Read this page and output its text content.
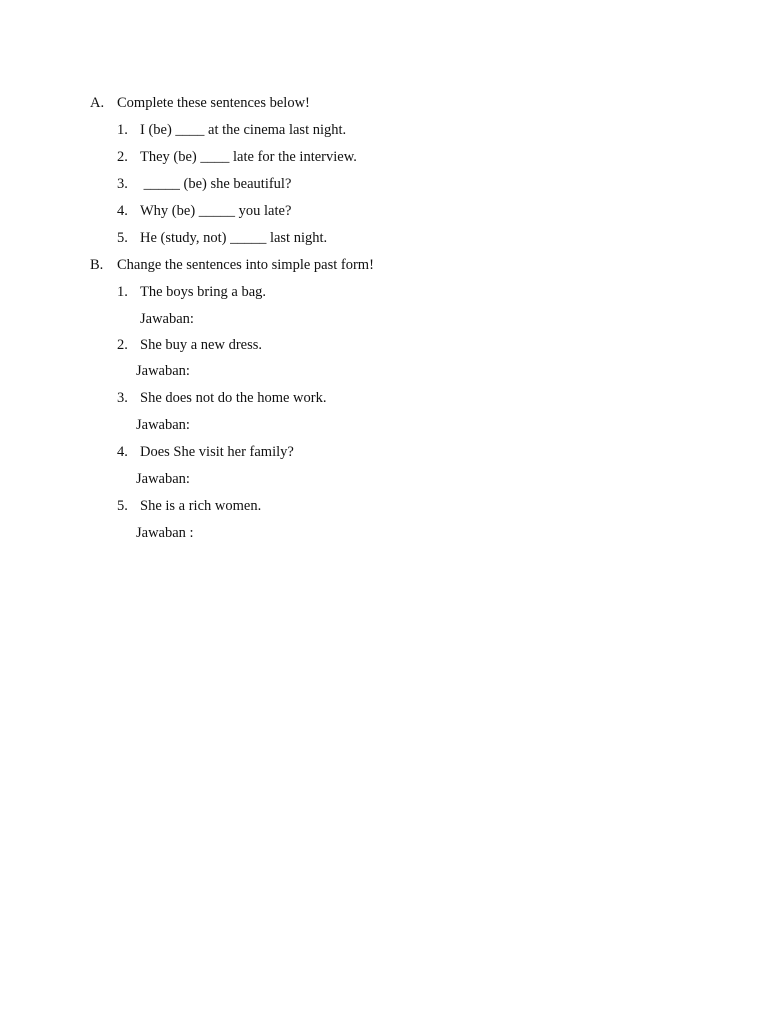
A. Complete these sentences below!
1. I (be) ____ at the cinema last night.
2. They (be) ____ late for the interview.
3. _____ (be) she beautiful?
4. Why (be) _____ you late?
5. He (study, not) _____ last night.
B. Change the sentences into simple past form!
1. The boys bring a bag.
Jawaban:
2. She buy a new dress.
Jawaban:
3. She does not do the home work.
Jawaban:
4. Does She visit her family?
Jawaban:
5. She is a rich women.
Jawaban :
